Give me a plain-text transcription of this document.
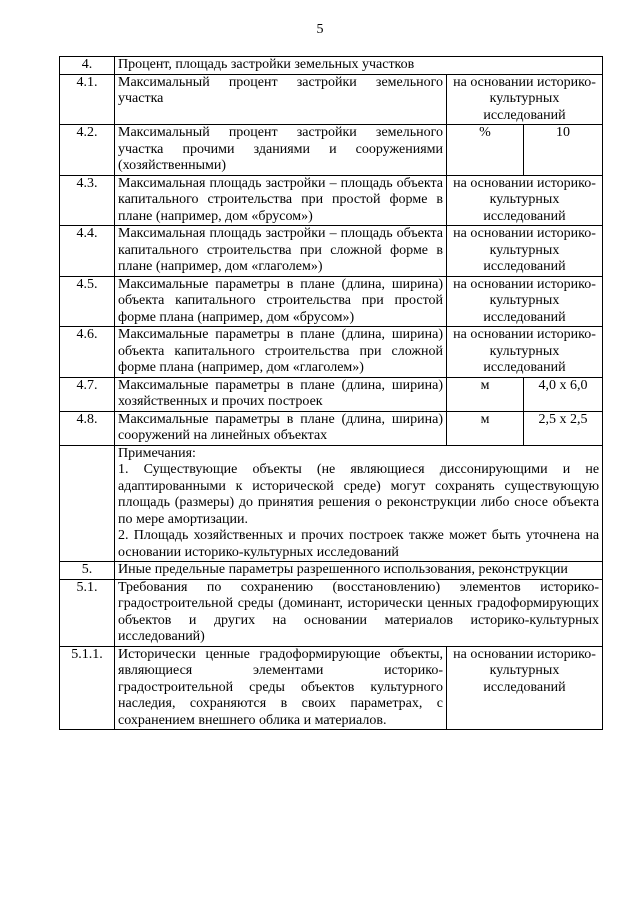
5
4.	Процент, площадь застройки земельных участков		
4.1.	Максимальный процент застройки земельного участка	на основании историко-культурных исследований	
4.2.	Максимальный процент застройки земельного участка прочими зданиями и сооружениями (хозяйственными)	%	10
4.3.	Максимальная площадь застройки – площадь объекта капитального строительства при простой форме в плане (например, дом «брусом»)	на основании историко-культурных исследований	
4.4.	Максимальная площадь застройки – площадь объекта капитального строительства при сложной форме в плане (например, дом «глаголем»)	на основании историко-культурных исследований	
4.5.	Максимальные параметры в плане (длина, ширина) объекта капитального строительства при простой форме плана (например, дом «брусом»)	на основании историко-культурных исследований	
4.6.	Максимальные параметры в плане (длина, ширина) объекта капитального строительства при сложной форме плана (например, дом «глаголем»)	на основании историко-культурных исследований	
4.7.	Максимальные параметры в плане (длина, ширина) хозяйственных и прочих построек	м	4,0 х 6,0
4.8.	Максимальные параметры в плане (длина, ширина) сооружений на линейных объектах	м	2,5 х 2,5

	Примечания:

1. Существующие объекты (не являющиеся диссонирующими и не адаптированными к исторической среде) могут сохранять существующую площадь (размеры) до принятия решения о реконструкции либо сносе объекта по мере амортизации.

2. Площадь хозяйственных и прочих построек также может быть уточнена на основании историко-культурных исследований		

5.	Иные предельные параметры разрешенного использования, реконструкции		
5.1.	Требования по сохранению (восстановлению) элементов историко-градостроительной среды (доминант, исторически ценных градоформирующих объектов и других на основании материалов историко-культурных исследований)		
5.1.1.	Исторически ценные градоформирующие объекты, являющиеся элементами историко-градостроительной среды объектов культурного наследия, сохраняются в своих параметрах, с сохранением внешнего облика и материалов.	на основании историко-культурных исследований	
